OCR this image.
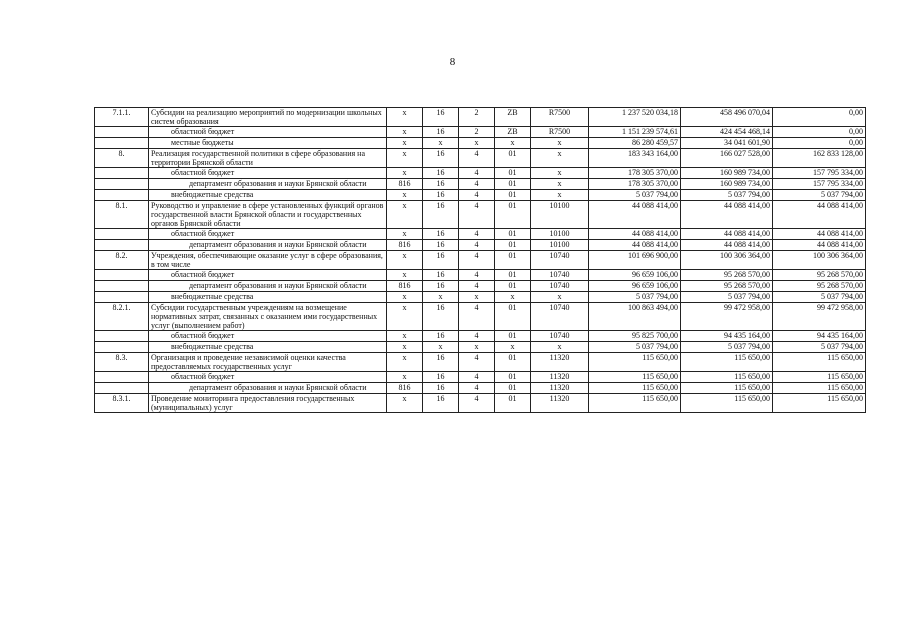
8
7.1.1.	Субсидии на реализацию мероприятий по модернизации школьных систем образования	х	16	2	ZB	R7500	1 237 520 034,18	458 496 070,04	0,00
	областной бюджет	х	16	2	ZB	R7500	1 151 239 574,61	424 454 468,14	0,00
	местные бюджеты	х	х	х	х	х	86 280 459,57	34 041 601,90	0,00
8.	Реализация государственной политики в сфере образования на территории Брянской области	х	16	4	01	х	183 343 164,00	166 027 528,00	162 833 128,00
	областной бюджет	х	16	4	01	х	178 305 370,00	160 989 734,00	157 795 334,00
	департамент образования и науки Брянской области	816	16	4	01	х	178 305 370,00	160 989 734,00	157 795 334,00
	внебюджетные средства	х	16	4	01	х	5 037 794,00	5 037 794,00	5 037 794,00
8.1.	Руководство и управление в сфере установленных функций органов государственной власти Брянской области и государственных органов Брянской области	х	16	4	01	10100	44 088 414,00	44 088 414,00	44 088 414,00
	областной бюджет	х	16	4	01	10100	44 088 414,00	44 088 414,00	44 088 414,00
	департамент образования и науки Брянской области	816	16	4	01	10100	44 088 414,00	44 088 414,00	44 088 414,00
8.2.	Учреждения, обеспечивающие оказание услуг в сфере образования, в том числе	х	16	4	01	10740	101 696 900,00	100 306 364,00	100 306 364,00
	областной бюджет	х	16	4	01	10740	96 659 106,00	95 268 570,00	95 268 570,00
	департамент образования и науки Брянской области	816	16	4	01	10740	96 659 106,00	95 268 570,00	95 268 570,00
	внебюджетные средства	х	х	х	х	х	5 037 794,00	5 037 794,00	5 037 794,00
8.2.1.	Субсидии государственным учреждениям на возмещение нормативных затрат, связанных с оказанием ими государственных услуг (выполнением работ)	х	16	4	01	10740	100 863 494,00	99 472 958,00	99 472 958,00
	областной бюджет	х	16	4	01	10740	95 825 700,00	94 435 164,00	94 435 164,00
	внебюджетные средства	х	х	х	х	х	5 037 794,00	5 037 794,00	5 037 794,00
8.3.	Организация и проведение независимой оценки качества предоставляемых государственных услуг	х	16	4	01	11320	115 650,00	115 650,00	115 650,00
	областной бюджет	х	16	4	01	11320	115 650,00	115 650,00	115 650,00
	департамент образования и науки Брянской области	816	16	4	01	11320	115 650,00	115 650,00	115 650,00
8.3.1.	Проведение мониторинга предоставления государственных (муниципальных) услуг	х	16	4	01	11320	115 650,00	115 650,00	115 650,00
